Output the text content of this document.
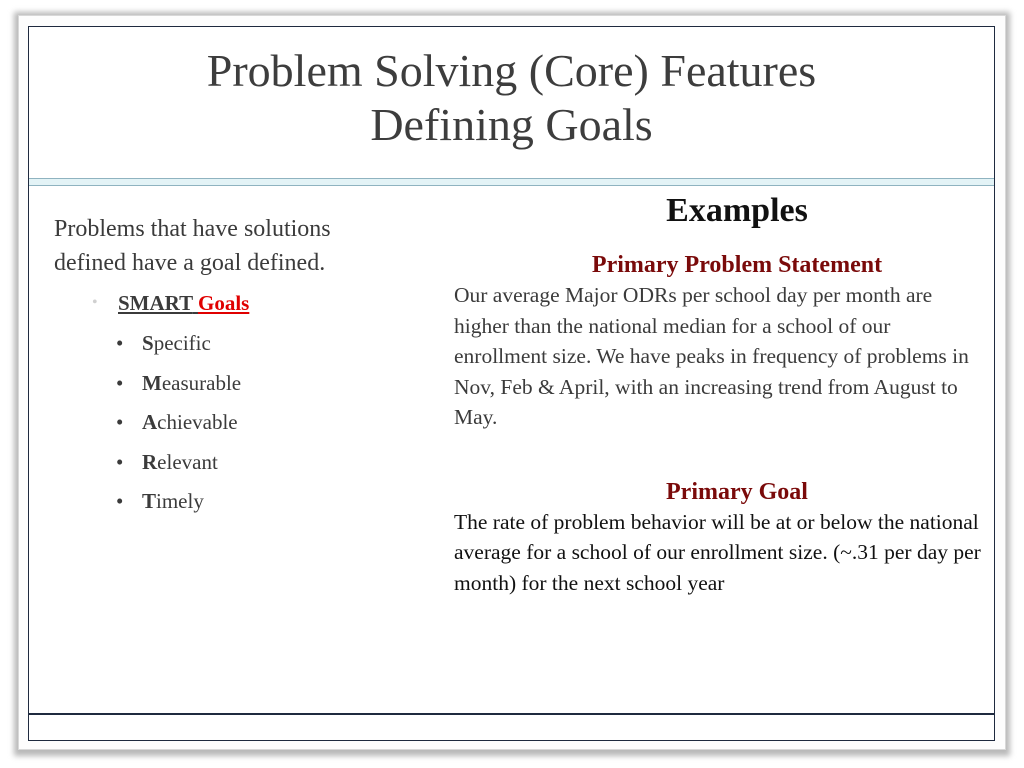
Problem Solving (Core) Features
Defining Goals

Problems that have solutions defined have a goal defined.

• SMART Goals
• Specific
• Measurable
• Achievable
• Relevant
• Timely
Examples
Primary Problem Statement

Our average Major ODRs per school day per month are higher than the national median for a school of our enrollment size. We have peaks in frequency of problems in Nov, Feb & April, with an increasing trend from August to May.

Primary Goal

The rate of problem behavior will be at or below the national average for a school of our enrollment size. (~.31 per day per month) for the next school year
